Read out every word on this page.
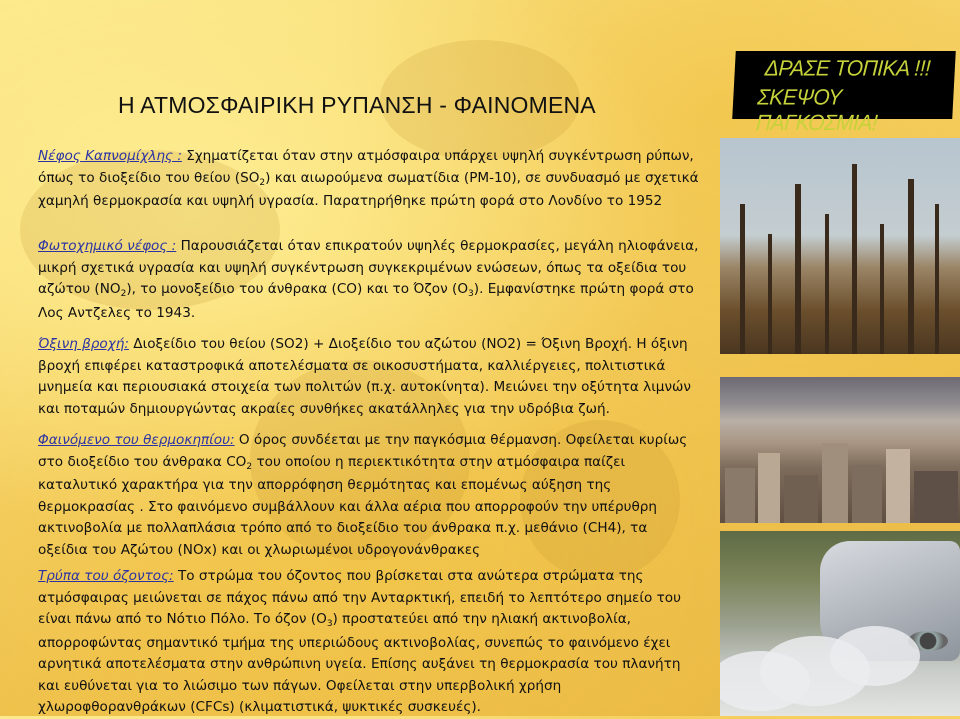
Η ΑΤΜΟΣΦΑΙΡΙΚΗ ΡΥΠΑΝΣΗ - ΦΑΙΝΟΜΕΝΑ
ΔΡΑΣΕ ΤΟΠΙΚΑ !!!
ΣΚΕΨΟΥ ΠΑΓΚΟΣΜΙΑ!
Νέφος Καπνομίχλης : Σχηματίζεται όταν στην ατμόσφαιρα υπάρχει υψηλή συγκέντρωση ρύπων, όπως το διοξείδιο του θείου $(SO_2)$ και αιωρούμενα σωματίδια (PM-10), σε συνδυασμό με σχετικά χαμηλή θερμοκρασία και υψηλή υγρασία. Παρατηρήθηκε πρώτη φορά στο Λονδίνο το 1952
Φωτοχημικό νέφος : Παρουσιάζεται όταν επικρατούν υψηλές θερμοκρασίες, μεγάλη ηλιοφάνεια, μικρή σχετικά υγρασία και υψηλή συγκέντρωση συγκεκριμένων ενώσεων, όπως τα οξείδια του αζώτου $(NO_2)$, το μονοξείδιο του άνθρακα (CO) και το Όζον $(O_3)$. Εμφανίστηκε πρώτη φορά στο Λος Αντζελες το 1943.
Όξινη βροχή: Διοξείδιο του θείου (SO2) + Διοξείδιο του αζώτου (NO2) = Όξινη Βροχή. Η όξινη βροχή επιφέρει καταστροφικά αποτελέσματα σε οικοσυστήματα, καλλιέργειες, πολιτιστικά μνημεία και περιουσιακά στοιχεία των πολιτών (π.χ. αυτοκίνητα). Μειώνει την οξύτητα λιμνών και ποταμών δημιουργώντας ακραίες συνθήκες ακατάλληλες για την υδρόβια ζωή.
Φαινόμενο του θερμοκηπίου: Ο όρος συνδέεται με την παγκόσμια θέρμανση. Οφείλεται κυρίως στο διοξείδιο του άνθρακα $CO_2$ του οποίου η περιεκτικότητα στην ατμόσφαιρα παίζει καταλυτικό χαρακτήρα για την απορρόφηση θερμότητας και επομένως αύξηση της θερμοκρασίας . Στο φαινόμενο συμβάλλουν και άλλα αέρια που απορροφούν την υπέρυθρη ακτινοβολία με πολλαπλάσια τρόπο από το διοξείδιο του άνθρακα π.χ. μεθάνιο (CH4), τα οξείδια του Αζώτου (NOx) και οι χλωριωμένοι υδρογονάνθρακες
Τρύπα του όζοντος: Το στρώμα του όζοντος που βρίσκεται στα ανώτερα στρώματα της ατμόσφαιρας μειώνεται σε πάχος πάνω από την Ανταρκτική, επειδή το λεπτότερο σημείο του είναι πάνω από το Νότιο Πόλο. Το όζον $(O_3)$ προστατεύει από την ηλιακή ακτινοβολία, απορροφώντας σημαντικό τμήμα της υπεριώδους ακτινοβολίας, συνεπώς το φαινόμενο έχει αρνητικά αποτελέσματα στην ανθρώπινη υγεία. Επίσης αυξάνει τη θερμοκρασία του πλανήτη και ευθύνεται για το λιώσιμο των πάγων. Οφείλεται στην υπερβολική χρήση χλωροφθορανθράκων (CFCs) (κλιματιστικά, ψυκτικές συσκευές).
